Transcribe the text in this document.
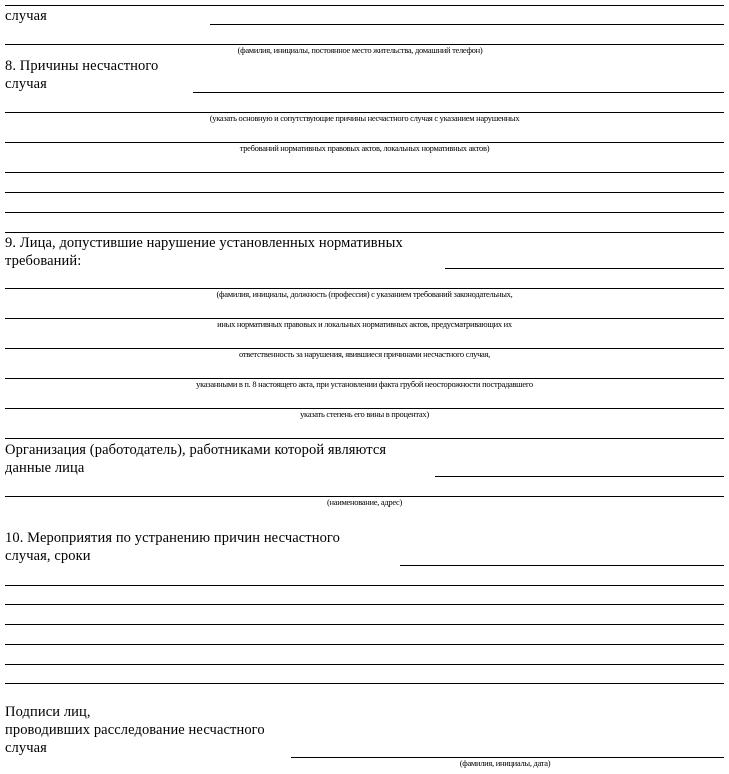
случая
(фамилия, инициалы, постоянное место жительства, домашний телефон)
8. Причины несчастного
случая
(указать основную и сопутствующие причины несчастного случая с указанием нарушенных
требований нормативных правовых актов, локальных нормативных актов)
9. Лица, допустившие нарушение установленных нормативных
требований:
(фамилия, инициалы, должность (профессия) с указанием требований законодательных,
иных нормативных правовых и локальных нормативных актов, предусматривающих их
ответственность за нарушения, явившиеся причинами несчастного случая,
указанными в п. 8 настоящего акта, при установлении факта грубой неосторожности пострадавшего
указать степень его вины в процентах)
Организация (работодатель), работниками которой являются
данные лица
(наименование, адрес)
10. Мероприятия по устранению причин несчастного
случая, сроки
Подписи лиц,
проводивших расследование несчастного
случая
(фамилия, инициалы, дата)
